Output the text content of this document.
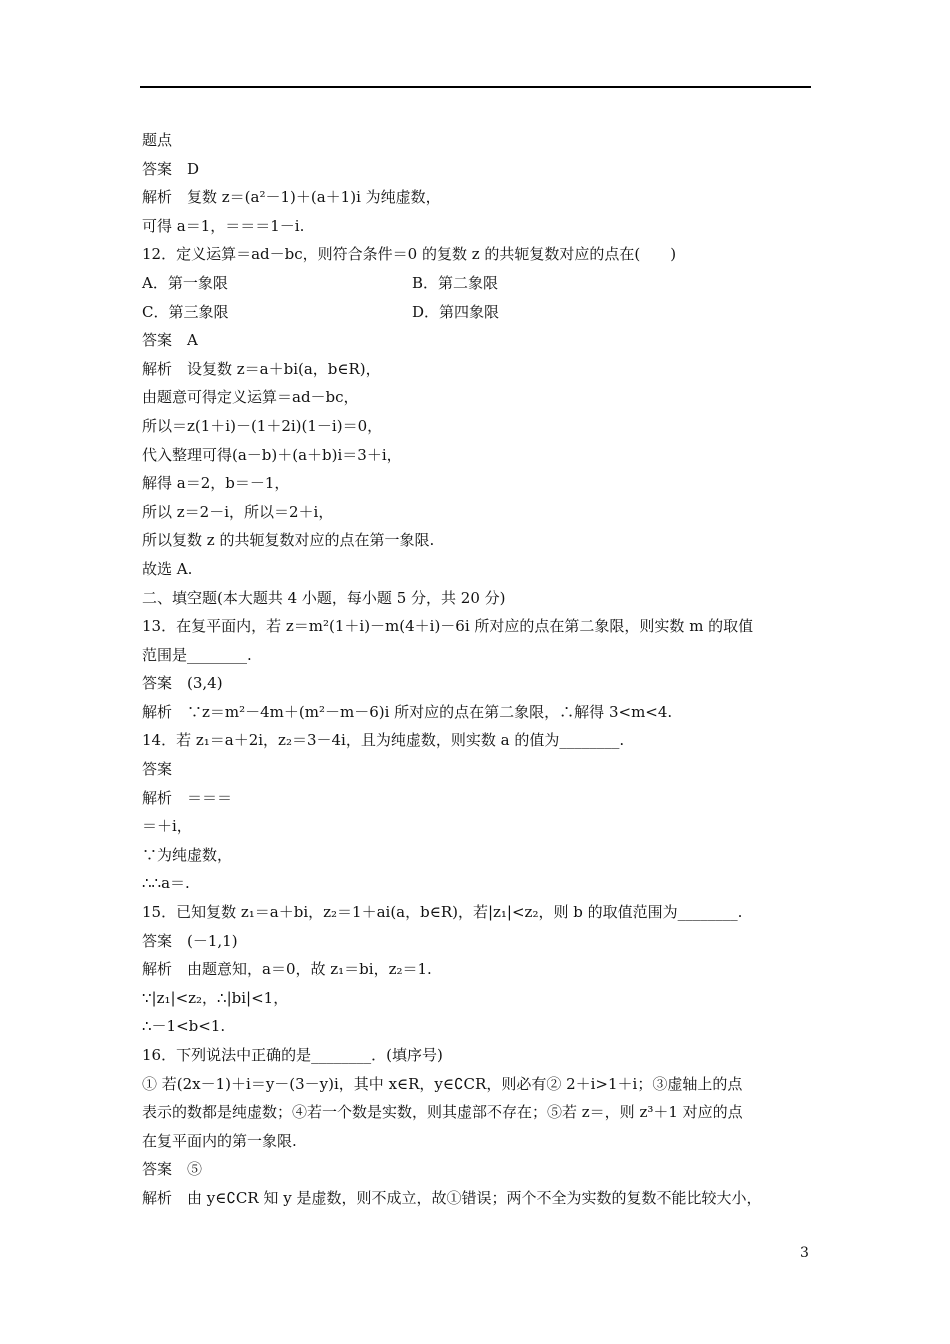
题点
答案　D
解析　复数 z＝(a²－1)＋(a＋1)i 为纯虚数，
可得 a＝1，＝＝＝1－i.
12．定义运算＝ad－bc，则符合条件＝0 的复数 z 的共轭复数对应的点在(　　)
A．第一象限	B．第二象限
C．第三象限	D．第四象限
答案　A
解析　设复数 z＝a＋bi(a，b∈R)，
由题意可得定义运算＝ad－bc，
所以＝z(1＋i)－(1＋2i)(1－i)＝0，
代入整理可得(a－b)＋(a＋b)i＝3＋i，
解得 a＝2，b＝－1，
所以 z＝2－i，所以＝2＋i，
所以复数 z 的共轭复数对应的点在第一象限.
故选 A.
二、填空题(本大题共 4 小题，每小题 5 分，共 20 分)
13．在复平面内，若 z＝m²(1＋i)－m(4＋i)－6i 所对应的点在第二象限，则实数 m 的取值
范围是________.
答案　(3,4)
解析　∵z＝m²－4m＋(m²－m－6)i 所对应的点在第二象限，∴解得 3<m<4.
14．若 z₁＝a＋2i，z₂＝3－4i，且为纯虚数，则实数 a 的值为________.
答案
解析　＝＝＝
＝＋i，
∵为纯虚数，
∴∴a＝.
15．已知复数 z₁＝a＋bi，z₂＝1＋ai(a，b∈R)，若|z₁|<z₂，则 b 的取值范围为________.
答案　(－1,1)
解析　由题意知，a＝0，故 z₁＝bi，z₂＝1.
∵|z₁|<z₂，∴|bi|<1，
∴－1<b<1.
16．下列说法中正确的是________．(填序号)
① 若(2x－1)＋i＝y－(3－y)i，其中 x∈R，y∈∁CR，则必有② 2＋i>1＋i；③虚轴上的点
表示的数都是纯虚数；④若一个数是实数，则其虚部不存在；⑤若 z＝，则 z³＋1 对应的点
在复平面内的第一象限.
答案　⑤
解析　由 y∈∁CR 知 y 是虚数，则不成立，故①错误；两个不全为实数的复数不能比较大小，
3
